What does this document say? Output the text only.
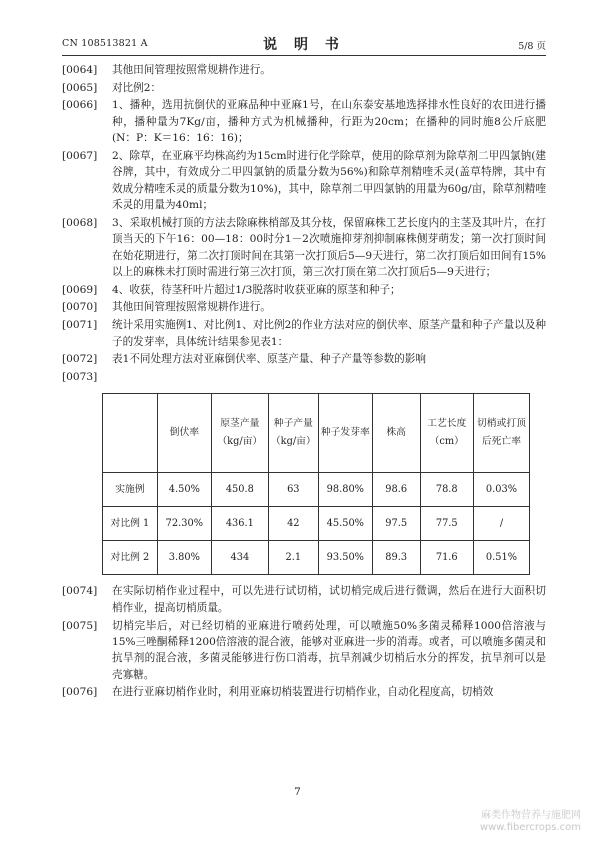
CN 108513821 A	说 明 书	5/8 页
[0064] 其他田间管理按照常规耕作进行。
[0065] 对比例2：
[0066] 1、播种，选用抗倒伏的亚麻品种中亚麻1号，在山东泰安基地选择排水性良好的农田进行播种，播种量为7Kg/亩，播种方式为机械播种，行距为20cm；在播种的同时施8公斤底肥(N：P：K＝16：16：16)；
[0067] 2、除草，在亚麻平均株高约为15cm时进行化学除草，使用的除草剂为除草剂二甲四氯钠(建谷牌，其中，有效成分二甲四氯钠的质量分数为56%)和除草剂精喹禾灵(盖草特牌，其中有效成分精喹禾灵的质量分数为10%)，其中，除草剂二甲四氯钠的用量为60g/亩，除草剂精喹禾灵的用量为40ml；
[0068] 3、采取机械打顶的方法去除麻株梢部及其分枝，保留麻株工艺长度内的主茎及其叶片，在打顶当天的下午16：00—18：00时分1－2次喷施抑芽剂抑制麻株侧芽萌发；第一次打顶时间在始花期进行，第二次打顶时间在其第一次打顶后5—9天进行，第二次打顶后如田间有15%以上的麻株未打顶时需进行第三次打顶，第三次打顶在第二次打顶后5—9天进行；
[0069] 4、收获，待茎秆叶片超过1/3脱落时收获亚麻的原茎和种子；
[0070] 其他田间管理按照常规耕作进行。
[0071] 统计采用实施例1、对比例1、对比例2的作业方法对应的倒伏率、原茎产量和种子产量以及种子的发芽率，具体统计结果参见表1：
[0072] 表1不同处理方法对亚麻倒伏率、原茎产量、种子产量等参数的影响
[0073]

	倒伏率	原茎产量（kg/亩）	种子产量（kg/亩）	种子发芽率	株高	工艺长度（cm）	切梢或打顶后死亡率
实施例	4.50%	450.8	63	98.80%	98.6	78.8	0.03%
对比例 1	72.30%	436.1	42	45.50%	97.5	77.5	/
对比例 2	3.80%	434	2.1	93.50%	89.3	71.6	0.51%
[0074] 在实际切梢作业过程中，可以先进行试切梢，试切梢完成后进行微调，然后在进行大面积切梢作业，提高切梢质量。
[0075] 切梢完毕后，对已经切梢的亚麻进行喷药处理，可以喷施50%多菌灵稀释1000倍溶液与15%三唑酮稀释1200倍溶液的混合液，能够对亚麻进一步的消毒。或者，可以喷施多菌灵和抗旱剂的混合液，多菌灵能够进行伤口消毒，抗旱剂减少切梢后水分的挥发，抗旱剂可以是壳寡糖。
[0076] 在进行亚麻切梢作业时，利用亚麻切梢装置进行切梢作业，自动化程度高，切梢效
7
麻类作物营养与施肥网
www.fibercrops.com
